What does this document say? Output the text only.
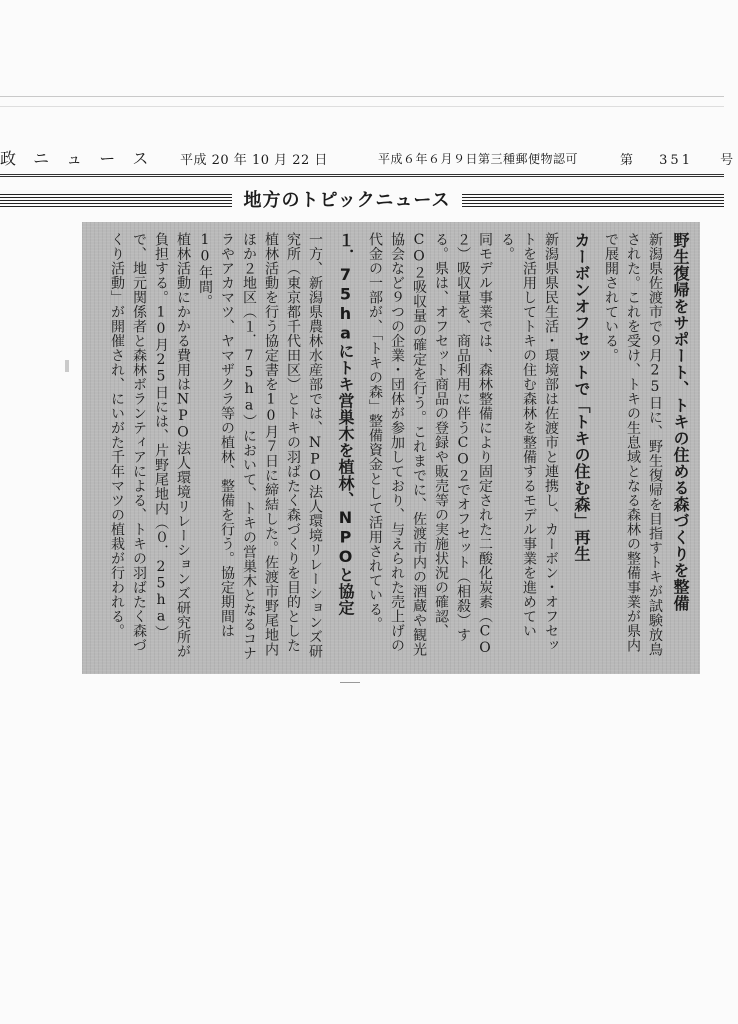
政 ニ ュ ー ス 平成 20 年 10 月 22 日	平成６年６月９日第三種郵便物認可	第 351 号
地方のトピックニュース

野生復帰をサポート、トキの住める森づくりを整備

新潟県佐渡市で９月25日に、野生復帰を目指すトキが試験放鳥された。これを受け、トキの生息域となる森林の整備事業が県内で展開されている。

カーボンオフセットで「トキの住む森」再生

新潟県県民生活・環境部は佐渡市と連携し、カーボン・オフセットを活用してトキの住む森林を整備するモデル事業を進めている。

同モデル事業では、森林整備により固定された二酸化炭素（CO２）吸収量を、商品利用に伴うCO２でオフセット（相殺）する。県は、オフセット商品の登録や販売等の実施状況の確認、CO２吸収量の確定を行う。これまでに、佐渡市内の酒蔵や観光協会など９つの企業・団体が参加しており、与えられた売上げの代金の一部が、「トキの森」整備資金として活用されている。

１．75haにトキ営巣木を植林、NPOと協定

一方、新潟県農林水産部では、NPO法人環境リレーションズ研究所（東京都千代田区）とトキの羽ばたく森づくりを目的とした植林活動を行う協定書を10月７日に締結した。佐渡市野尾地内ほか２地区（１．75ha）において、トキの営巣木となるコナラやアカマツ、ヤマザクラ等の植林、整備を行う。協定期間は10年間。

植林活動にかかる費用はNPO法人環境リレーションズ研究所が負担する。10月25日には、片野尾地内（０．25ha）で、地元関係者と森林ボランティアによる、トキの羽ばたく森づくり活動」が開催され、にいがた千年マツの植栽が行われる。
